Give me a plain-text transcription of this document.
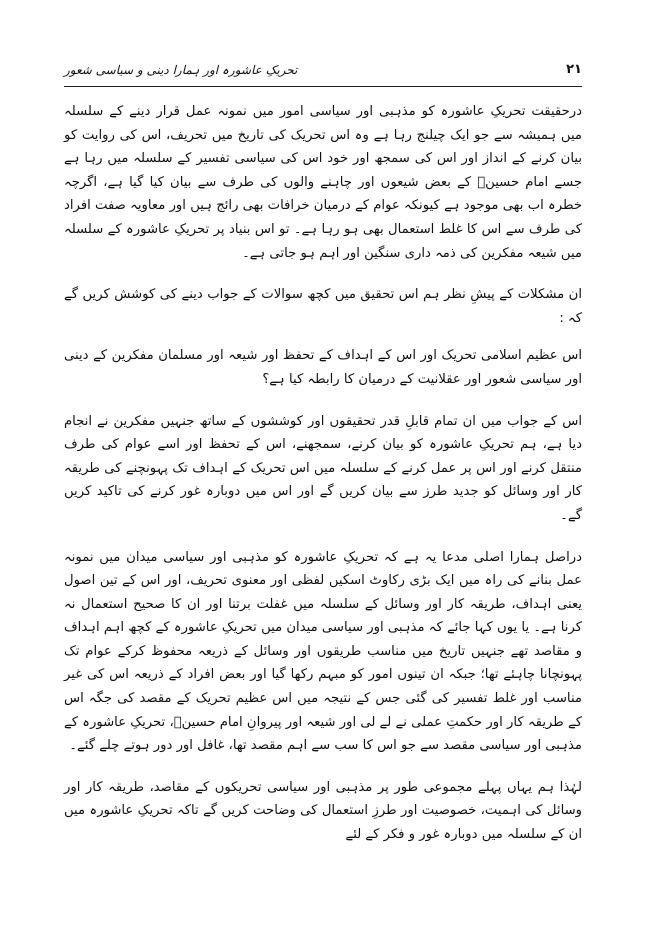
۲۱
تحریکِ عاشورہ اور ہمارا دینی و سیاسی شعور

درحقیقت تحریکِ عاشورہ کو مذہبی اور سیاسی امور میں نمونہ عمل قرار دینے کے سلسلہ میں ہمیشہ سے جو ایک چیلنج رہا ہے وہ اس تحریک کی تاریخ میں تحریف، اس کی روایت کو بیان کرنے کے انداز اور اس کی سمجھ اور خود اس کی سیاسی تفسیر کے سلسلہ میں رہا ہے جسے امام حسینؑ کے بعض شیعوں اور چاہنے والوں کی طرف سے بیان کیا گیا ہے، اگرچہ خطرہ اب بھی موجود ہے کیونکہ عوام کے درمیان خرافات بھی رائج ہیں اور معاویہ صفت افراد کی طرف سے اس کا غلط استعمال بھی ہو رہا ہے۔ تو اس بنیاد پر تحریکِ عاشورہ کے سلسلہ میں شیعہ مفکرین کی ذمہ داری سنگین اور اہم ہو جاتی ہے۔

ان مشکلات کے پیشِ نظر ہم اس تحقیق میں کچھ سوالات کے جواب دینے کی کوشش کریں گے کہ :

اس عظیم اسلامی تحریک اور اس کے اہداف کے تحفظ اور شیعہ اور مسلمان مفکرین کے دینی اور سیاسی شعور اور عقلانیت کے درمیان کا رابطہ کیا ہے؟

اس کے جواب میں ان تمام قابلِ قدر تحقیقوں اور کوششوں کے ساتھ جنہیں مفکرین نے انجام دیا ہے، ہم تحریکِ عاشورہ کو بیان کرنے، سمجھنے، اس کے تحفظ اور اسے عوام کی طرف منتقل کرنے اور اس پر عمل کرنے کے سلسلہ میں اس تحریک کے اہداف تک پہونچنے کی طریقہ کار اور وسائل کو جدید طرز سے بیان کریں گے اور اس میں دوبارہ غور کرنے کی تاکید کریں گے۔

دراصل ہمارا اصلی مدعا یہ ہے کہ تحریکِ عاشورہ کو مذہبی اور سیاسی میدان میں نمونہ عمل بنانے کی راہ میں ایک بڑی رکاوٹ اسکیں لفظی اور معنوی تحریف، اور اس کے تین اصول یعنی اہداف، طریقہ کار اور وسائل کے سلسلہ میں غفلت برتنا اور ان کا صحیح استعمال نہ کرنا ہے۔ یا یوں کہا جائے کہ مذہبی اور سیاسی میدان میں تحریکِ عاشورہ کے کچھ اہم اہداف و مقاصد تھے جنہیں تاریخ میں مناسب طریقوں اور وسائل کے ذریعہ محفوظ کرکے عوام تک پہونچانا چاہئے تھا؛ جبکہ ان تینوں امور کو مبہم رکھا گیا اور بعض افراد کے ذریعہ اس کی غیر مناسب اور غلط تفسیر کی گئی جس کے نتیجہ میں اس عظیم تحریک کے مقصد کی جگہ اس کے طریقہ کار اور حکمتِ عملی نے لے لی اور شیعہ اور پیروانِ امام حسینؑ، تحریکِ عاشورہ کے مذہبی اور سیاسی مقصد سے جو اس کا سب سے اہم مقصد تھا، غافل اور دور ہوتے چلے گئے۔

لہٰذا ہم یہاں پہلے مجموعی طور پر مذہبی اور سیاسی تحریکوں کے مقاصد، طریقہ کار اور وسائل کی اہمیت، خصوصیت اور طرزِ استعمال کی وضاحت کریں گے تاکہ تحریکِ عاشورہ میں ان کے سلسلہ میں دوبارہ غور و فکر کے لئے
